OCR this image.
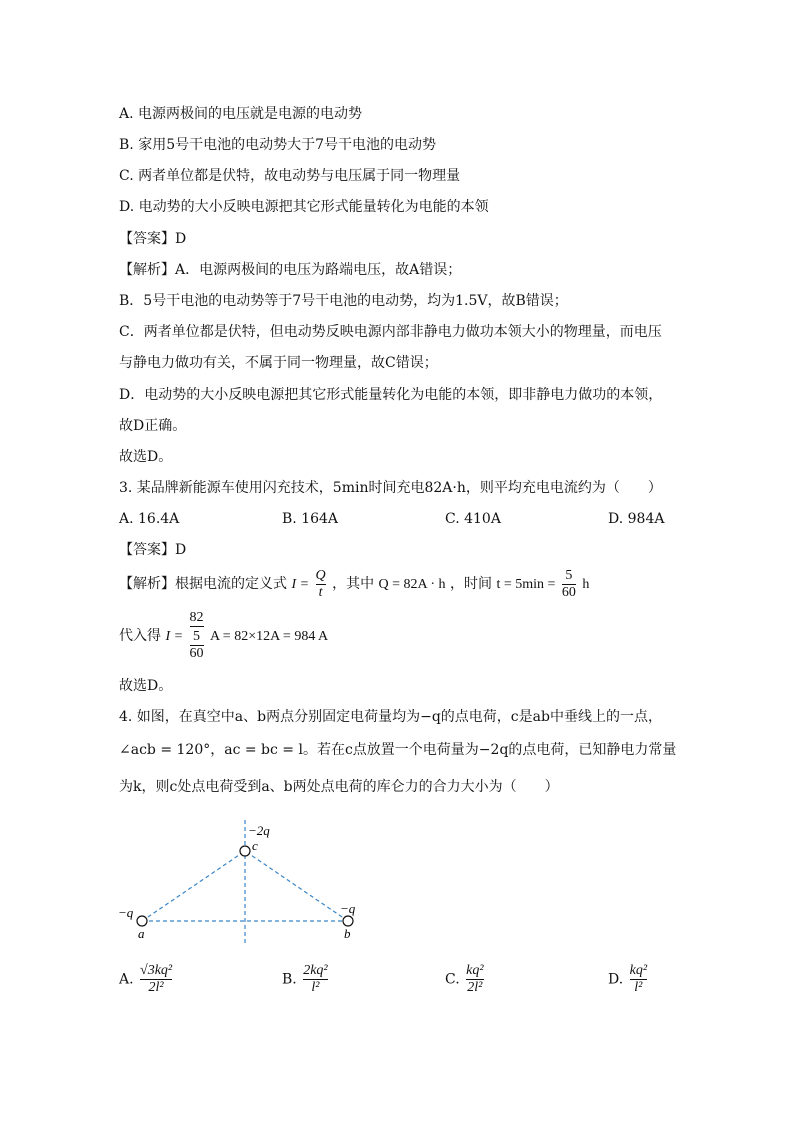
A. 电源两极间的电压就是电源的电动势
B. 家用5号干电池的电动势大于7号干电池的电动势
C. 两者单位都是伏特，故电动势与电压属于同一物理量
D. 电动势的大小反映电源把其它形式能量转化为电能的本领
【答案】D
【解析】A．电源两极间的电压为路端电压，故A错误；
B．5号干电池的电动势等于7号干电池的电动势，均为1.5V，故B错误；
C．两者单位都是伏特，但电动势反映电源内部非静电力做功本领大小的物理量，而电压
与静电力做功有关，不属于同一物理量，故C错误；
D．电动势的大小反映电源把其它形式能量转化为电能的本领，即非静电力做功的本领，
故D正确。
故选D。
3. 某品牌新能源车使用闪充技术，5min时间充电82A·h，则平均充电电流约为（　　）
A. 16.4A	B. 164A	C. 410A	D. 984A
【答案】D
【解析】根据电流的定义式 $I = \frac{Q}{t}$ ，其中 Q = 82A · h ，时间 $t = 5\min = \frac{5}{60}$ h
代入得 $I = \frac{82}{\frac{5}{60}}$ A = 82×12A = 984 A
故选D。
4. 如图，在真空中a、b两点分别固定电荷量均为−q的点电荷，c是ab中垂线上的一点，
∠acb = 120°，ac = bc = l。若在c点放置一个电荷量为−2q的点电荷，已知静电力常量
为k，则c处点电荷受到a、b两处点电荷的库仑力的合力大小为（　　）
−2q
c
−q
a
−q
b
A. $\frac{\text{√3kq²}}{\text{2l²}}$	B. $\frac{\text{2kq²}}{\text{l²}}$	C. $\frac{\text{kq²}}{\text{2l²}}$	D. $\frac{\text{kq²}}{\text{l²}}$
